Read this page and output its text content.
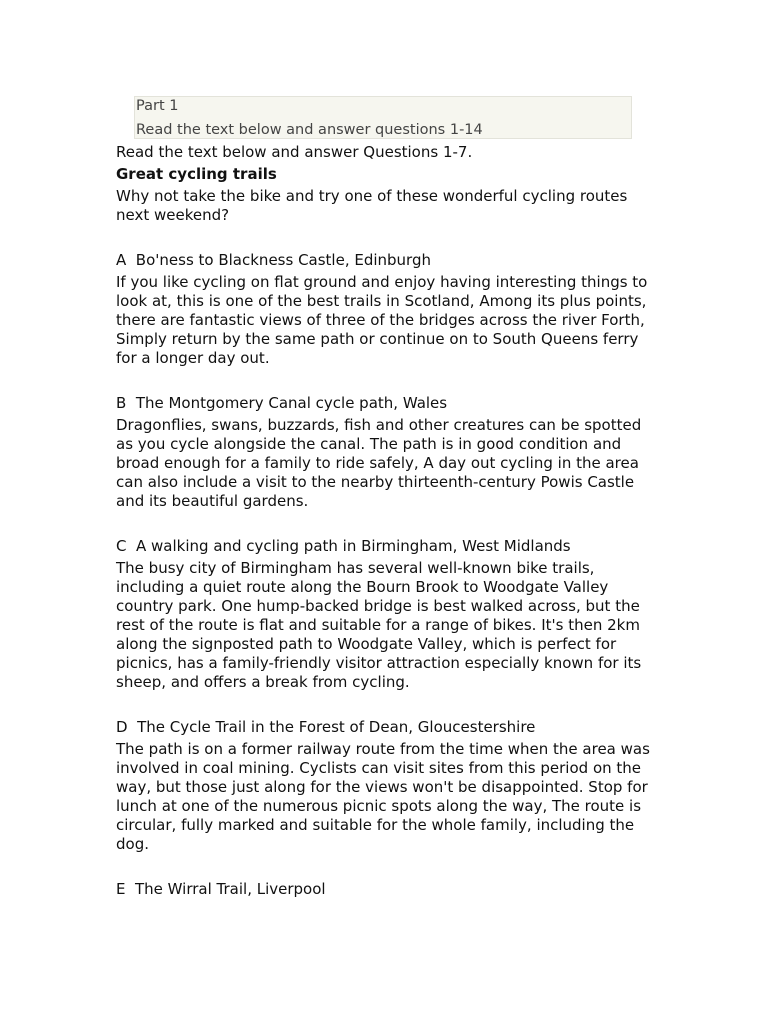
Part 1
Read the text below and answer questions 1-14

Read the text below and answer Questions 1-7.

Great cycling trails

Why not take the bike and try one of these wonderful cycling routes next weekend?

A  Bo'ness to Blackness Castle, Edinburgh

If you like cycling on flat ground and enjoy having interesting things to look at, this is one of the best trails in Scotland, Among its plus points, there are fantastic views of three of the bridges across the river Forth, Simply return by the same path or continue on to South Queens ferry for a longer day out.

B  The Montgomery Canal cycle path, Wales

Dragonflies, swans, buzzards, fish and other creatures can be spotted as you cycle alongside the canal. The path is in good condition and broad enough for a family to ride safely, A day out cycling in the area can also include a visit to the nearby thirteenth-century Powis Castle and its beautiful gardens.

C  A walking and cycling path in Birmingham, West Midlands

The busy city of Birmingham has several well-known bike trails, including a quiet route along the Bourn Brook to Woodgate Valley country park. One hump-backed bridge is best walked across, but the rest of the route is flat and suitable for a range of bikes. It's then 2km along the signposted path to Woodgate Valley, which is perfect for picnics, has a family-friendly visitor attraction especially known for its sheep, and offers a break from cycling.

D  The Cycle Trail in the Forest of Dean, Gloucestershire

The path is on a former railway route from the time when the area was involved in coal mining. Cyclists can visit sites from this period on the way, but those just along for the views won't be disappointed. Stop for lunch at one of the numerous picnic spots along the way, The route is circular, fully marked and suitable for the whole family, including the dog.

E  The Wirral Trail, Liverpool
